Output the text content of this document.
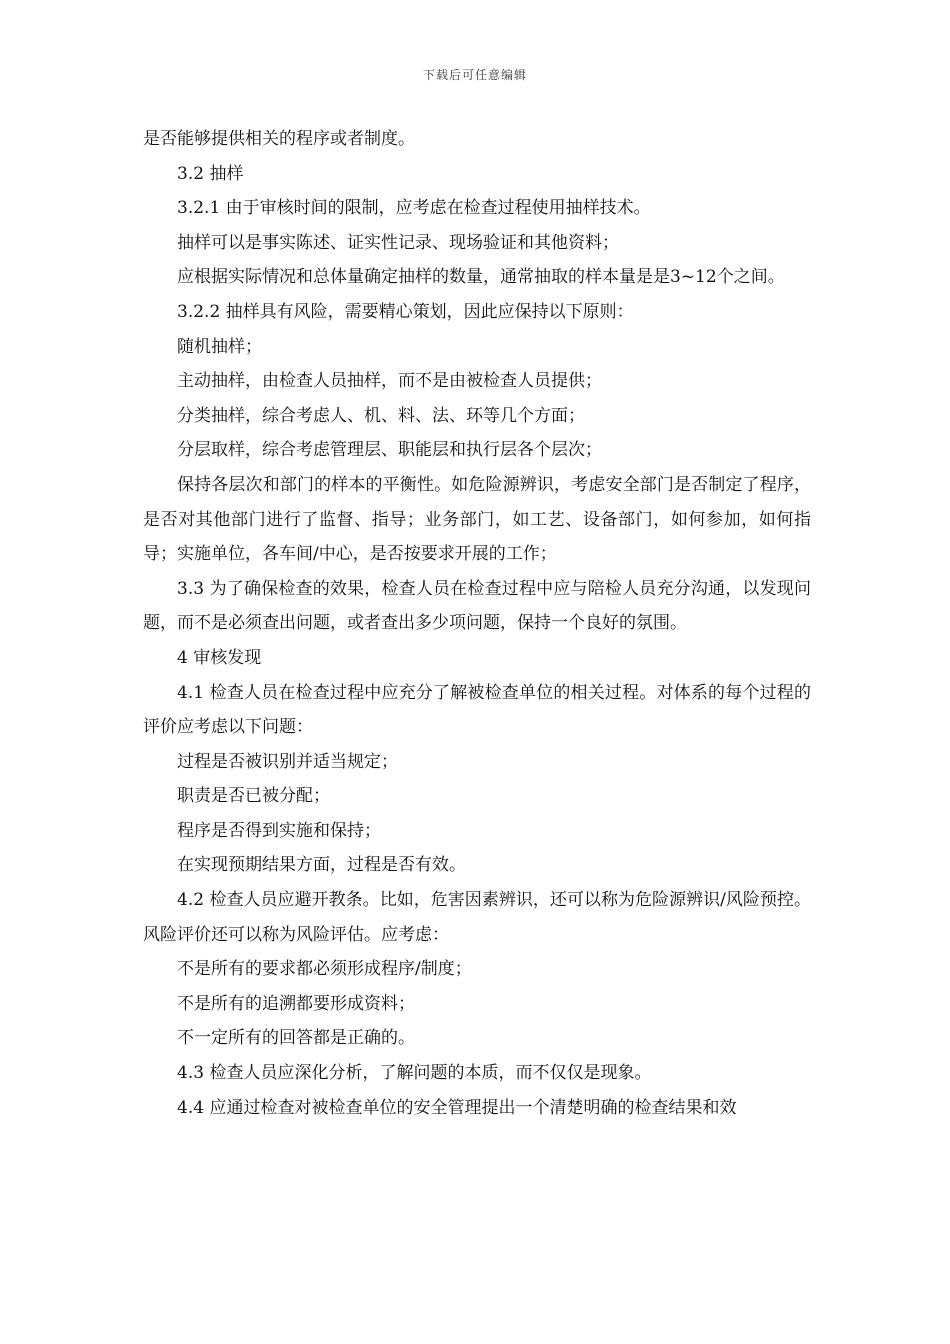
下载后可任意编辑

是否能够提供相关的程序或者制度。

3.2 抽样

3.2.1 由于审核时间的限制，应考虑在检查过程使用抽样技术。

抽样可以是事实陈述、证实性记录、现场验证和其他资料；

应根据实际情况和总体量确定抽样的数量，通常抽取的样本量是是3~12个之间。

3.2.2 抽样具有风险，需要精心策划，因此应保持以下原则：

随机抽样；

主动抽样，由检查人员抽样，而不是由被检查人员提供；

分类抽样，综合考虑人、机、料、法、环等几个方面；

分层取样，综合考虑管理层、职能层和执行层各个层次；

保持各层次和部门的样本的平衡性。如危险源辨识，考虑安全部门是否制定了程序，是否对其他部门进行了监督、指导；业务部门，如工艺、设备部门，如何参加，如何指导；实施单位，各车间/中心，是否按要求开展的工作；

3.3 为了确保检查的效果，检查人员在检查过程中应与陪检人员充分沟通，以发现问题，而不是必须查出问题，或者查出多少项问题，保持一个良好的氛围。

4 审核发现

4.1 检查人员在检查过程中应充分了解被检查单位的相关过程。对体系的每个过程的评价应考虑以下问题：

过程是否被识别并适当规定；

职责是否已被分配；

程序是否得到实施和保持；

在实现预期结果方面，过程是否有效。

4.2 检查人员应避开教条。比如，危害因素辨识，还可以称为危险源辨识/风险预控。风险评价还可以称为风险评估。应考虑：

不是所有的要求都必须形成程序/制度；

不是所有的追溯都要形成资料；

不一定所有的回答都是正确的。

4.3 检查人员应深化分析，了解问题的本质，而不仅仅是现象。

4.4 应通过检查对被检查单位的安全管理提出一个清楚明确的检查结果和效
